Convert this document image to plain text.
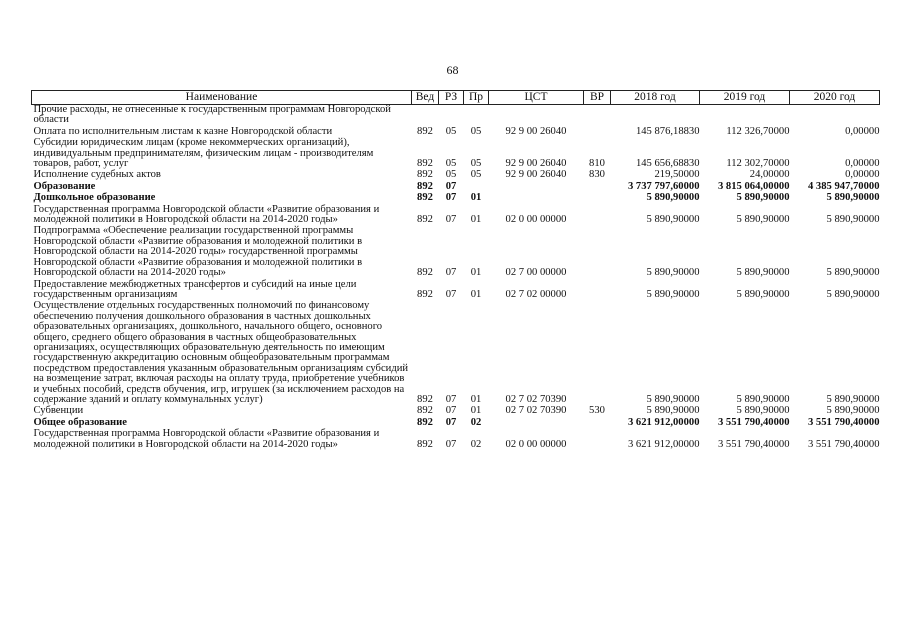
68
Наименование	Вед	РЗ	Пр	ЦСТ	ВР	2018 год	2019 год	2020 год
Прочие расходы, не отнесенные к государственным программам Новгородской области								
Оплата по исполнительным листам к казне Новгородской области	892	05	05	92 9 00 26040		145 876,18830	112 326,70000	0,00000
Субсидии юридическим лицам (кроме некоммерческих организаций), индивидуальным предпринимателям, физическим лицам - производителям товаров, работ, услуг	892	05	05	92 9 00 26040	810	145 656,68830	112 302,70000	0,00000
Исполнение судебных актов	892	05	05	92 9 00 26040	830	219,50000	24,00000	0,00000
Образование	892	07				3 737 797,60000	3 815 064,00000	4 385 947,70000
Дошкольное образование	892	07	01			5 890,90000	5 890,90000	5 890,90000
Государственная программа Новгородской области «Развитие образования и молодежной политики в Новгородской области на 2014-2020 годы»	892	07	01	02 0 00 00000		5 890,90000	5 890,90000	5 890,90000
Подпрограмма «Обеспечение реализации государственной программы Новгородской области «Развитие образования и молодежной политики в Новгородской области на 2014-2020 годы» государственной программы Новгородской области «Развитие образования и молодежной политики в Новгородской области на 2014-2020 годы»	892	07	01	02 7 00 00000		5 890,90000	5 890,90000	5 890,90000
Предоставление межбюджетных трансфертов и субсидий на иные цели государственным организациям	892	07	01	02 7 02 00000		5 890,90000	5 890,90000	5 890,90000
Осуществление отдельных государственных полномочий по финансовому обеспечению получения дошкольного образования в частных дошкольных образовательных организациях, дошкольного, начального общего, основного общего, среднего общего образования в частных общеобразовательных организациях, осуществляющих образовательную деятельность по имеющим государственную аккредитацию основным общеобразовательным программам посредством предоставления указанным образовательным организациям субсидий на возмещение затрат, включая расходы на оплату труда, приобретение учебников и учебных пособий, средств обучения, игр, игрушек (за исключением расходов на содержание зданий и оплату коммунальных услуг)	892	07	01	02 7 02 70390		5 890,90000	5 890,90000	5 890,90000
Субвенции	892	07	01	02 7 02 70390	530	5 890,90000	5 890,90000	5 890,90000
Общее образование	892	07	02			3 621 912,00000	3 551 790,40000	3 551 790,40000
Государственная программа Новгородской области «Развитие образования и молодежной политики в Новгородской области на 2014-2020 годы»	892	07	02	02 0 00 00000		3 621 912,00000	3 551 790,40000	3 551 790,40000
